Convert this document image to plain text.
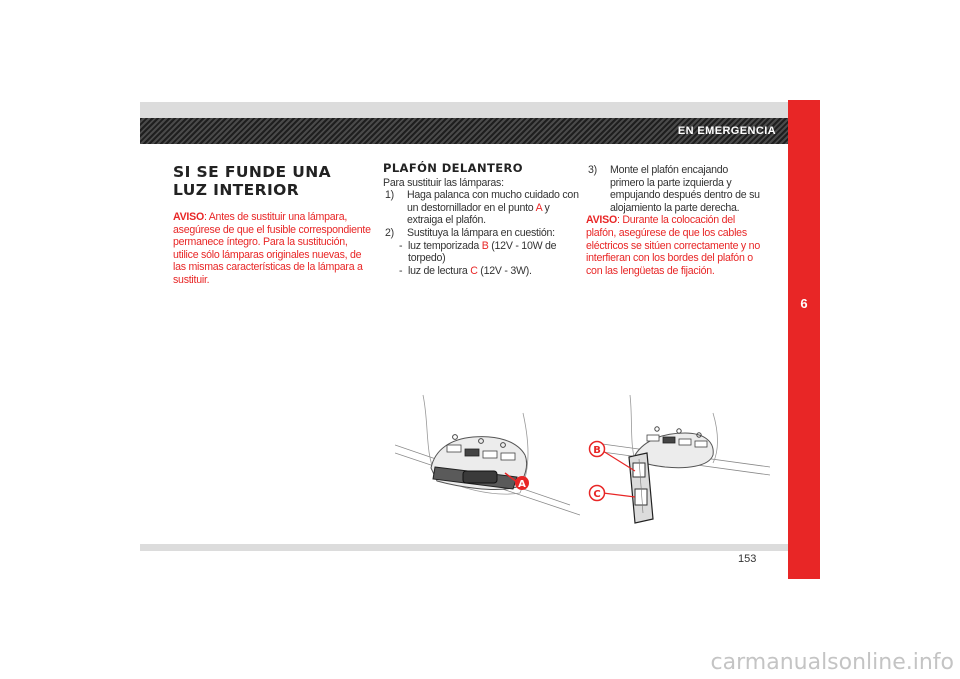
EN EMERGENCIA
6
SI SE FUNDE UNA
LUZ INTERIOR
AVISO: Antes de sustituir una lámpara, asegúrese de que el fusible correspondiente permanece íntegro. Para la sustitución, utilice sólo lámparas originales nuevas, de las mismas características de la lámpara a sustituir.
PLAFÓN DELANTERO
Para sustituir las lámparas:
1)	Haga palanca con mucho cuidado con un destornillador en el punto A y extraiga el plafón.
2)	Sustituya la lámpara en cuestión:
- luz temporizada B (12V - 10W de torpedo)
- luz de lectura C (12V - 3W).
3)	Monte el plafón encajando primero la parte izquierda y empujando después dentro de su alojamiento la parte derecha.
AVISO: Durante la colocación del plafón, asegúrese de que los cables eléctricos se sitúen correctamente y no interfieran con los bordes del plafón o con las lengüetas de fijación.
A
B
C
153
carmanualsonline.info
